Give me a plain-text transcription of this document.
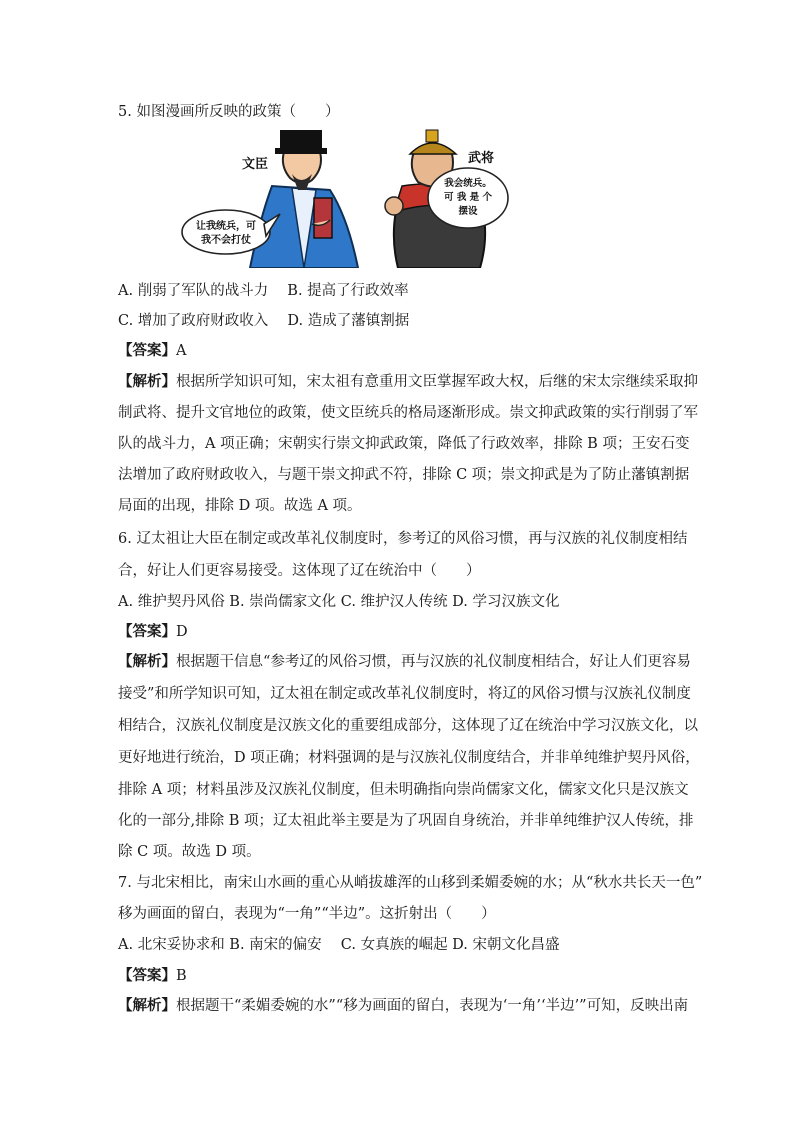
5. 如图漫画所反映的政策（　　）
文臣
让我统兵，可
我不会打仗
武将
我会统兵。
可 我 是 个
摆设
A. 削弱了军队的战斗力　 B. 提高了行政效率
C. 增加了政府财政收入　 D. 造成了藩镇割据
【答案】A
【解析】根据所学知识可知，宋太祖有意重用文臣掌握军政大权，后继的宋太宗继续采取抑
制武将、提升文官地位的政策，使文臣统兵的格局逐渐形成。崇文抑武政策的实行削弱了军
队的战斗力，A 项正确；宋朝实行崇文抑武政策，降低了行政效率，排除 B 项；王安石变
法增加了政府财政收入，与题干崇文抑武不符，排除 C 项；崇文抑武是为了防止藩镇割据
局面的出现，排除 D 项。故选 A 项。
6. 辽太祖让大臣在制定或改革礼仪制度时，参考辽的风俗习惯，再与汉族的礼仪制度相结
合，好让人们更容易接受。这体现了辽在统治中（　　）
A. 维护契丹风俗 B. 崇尚儒家文化 C. 维护汉人传统 D. 学习汉族文化
【答案】D
【解析】根据题干信息“参考辽的风俗习惯，再与汉族的礼仪制度相结合，好让人们更容易
接受”和所学知识可知，辽太祖在制定或改革礼仪制度时，将辽的风俗习惯与汉族礼仪制度
相结合，汉族礼仪制度是汉族文化的重要组成部分，这体现了辽在统治中学习汉族文化，以
更好地进行统治，D 项正确；材料强调的是与汉族礼仪制度结合，并非单纯维护契丹风俗，
排除 A 项；材料虽涉及汉族礼仪制度，但未明确指向崇尚儒家文化，儒家文化只是汉族文
化的一部分,排除 B 项；辽太祖此举主要是为了巩固自身统治，并非单纯维护汉人传统，排
除 C 项。故选 D 项。
7. 与北宋相比，南宋山水画的重心从峭拔雄浑的山移到柔媚委婉的水；从“秋水共长天一色”
移为画面的留白，表现为“一角”“半边”。这折射出（　　）
A. 北宋妥协求和 B. 南宋的偏安　 C. 女真族的崛起 D. 宋朝文化昌盛
【答案】B
【解析】根据题干“柔媚委婉的水”“移为画面的留白，表现为‘一角’‘半边’”可知，反映出南
